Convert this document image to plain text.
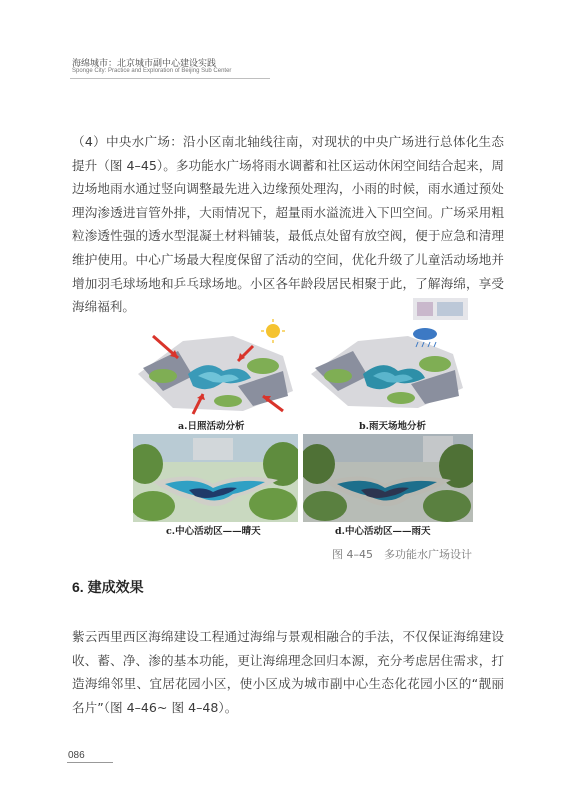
海绵城市：北京城市副中心建设实践
Sponge City: Practice and Exploration of Beijing Sub Center
（4）中央水广场：沿小区南北轴线往南，对现状的中央广场进行总体化生态提升（图 4–45）。多功能水广场将雨水调蓄和社区运动休闲空间结合起来，周边场地雨水通过竖向调整最先进入边缘预处理沟，小雨的时候，雨水通过预处理沟渗透进盲管外排，大雨情况下，超量雨水溢流进入下凹空间。广场采用粗粒渗透性强的透水型混凝土材料铺装，最低点处留有放空阀，便于应急和清理维护使用。中心广场最大程度保留了活动的空间，优化升级了儿童活动场地并增加羽毛球场地和乒乓球场地。小区各年龄段居民相聚于此，了解海绵，享受海绵福利。
a.日照活动分析	b.雨天场地分析
c.中心活动区——晴天	d.中心活动区——雨天
图 4–45　多功能水广场设计
6. 建成效果
紫云西里西区海绵建设工程通过海绵与景观相融合的手法，不仅保证海绵建设收、蓄、净、渗的基本功能，更让海绵理念回归本源，充分考虑居住需求，打造海绵邻里、宜居花园小区，使小区成为城市副中心生态化花园小区的“靓丽名片”（图 4–46~ 图 4–48）。
086
